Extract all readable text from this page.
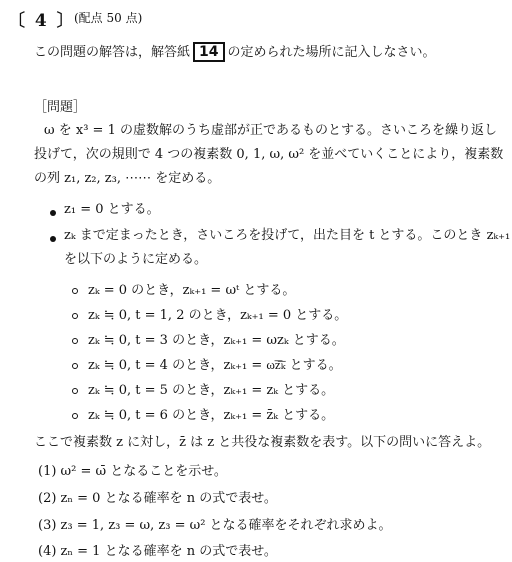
〔 4 〕
(配点 50 点)
この問題の解答は，解答紙 14 の定められた場所に記入しなさい。
［問題］
ω を x³ = 1 の虚数解のうち虚部が正であるものとする。さいころを繰り返し
投げて，次の規則で 4 つの複素数 0, 1, ω, ω² を並べていくことにより，複素数
の列 z₁, z₂, z₃, ⋯⋯ を定める。
z₁ = 0 とする。
zₖ まで定まったとき，さいころを投げて，出た目を t とする。このとき zₖ₊₁
を以下のように定める。
zₖ = 0 のとき，zₖ₊₁ = ωᵗ とする。
zₖ ≒ 0, t = 1, 2 のとき，zₖ₊₁ = 0 とする。
zₖ ≒ 0, t = 3 のとき，zₖ₊₁ = ωzₖ とする。
zₖ ≒ 0, t = 4 のとき，zₖ₊₁ = ω͞z͞ₖ とする。
zₖ ≒ 0, t = 5 のとき，zₖ₊₁ = zₖ とする。
zₖ ≒ 0, t = 6 のとき，zₖ₊₁ = z̄ₖ とする。
ここで複素数 z に対し，z̄ は z と共役な複素数を表す。以下の問いに答えよ。
(1) ω² = ω̄ となることを示せ。
(2) zₙ = 0 となる確率を n の式で表せ。
(3) z₃ = 1, z₃ = ω, z₃ = ω² となる確率をそれぞれ求めよ。
(4) zₙ = 1 となる確率を n の式で表せ。
